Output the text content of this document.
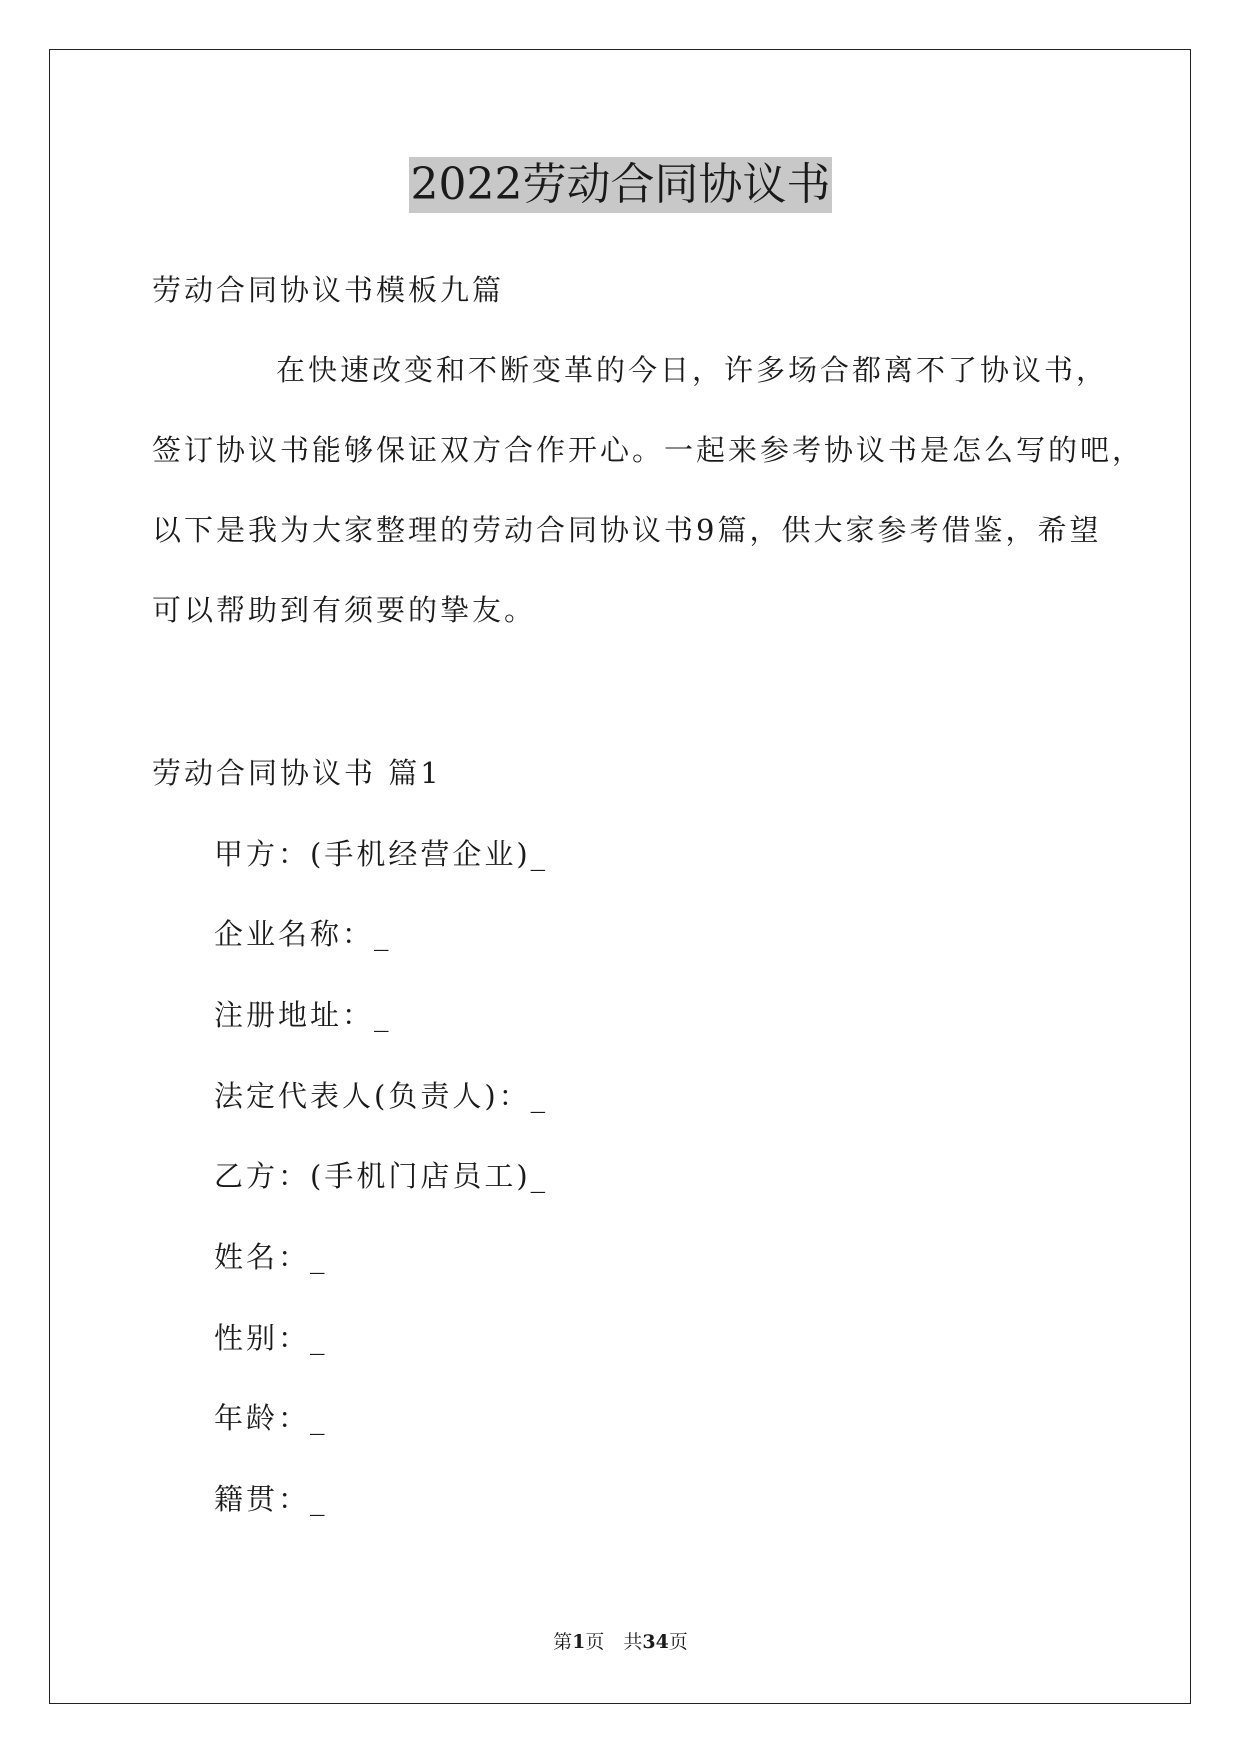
2022劳动合同协议书
劳动合同协议书模板九篇
在快速改变和不断变革的今日，许多场合都离不了协议书，
签订协议书能够保证双方合作开心。一起来参考协议书是怎么写的吧，
以下是我为大家整理的劳动合同协议书9篇，供大家参考借鉴，希望
可以帮助到有须要的挚友。
劳动合同协议书 篇1
甲方：(手机经营企业)_
企业名称：_
注册地址：_
法定代表人(负责人)：_
乙方：(手机门店员工)_
姓名：_
性别：_
年龄：_
籍贯：_
第1页　共34页
